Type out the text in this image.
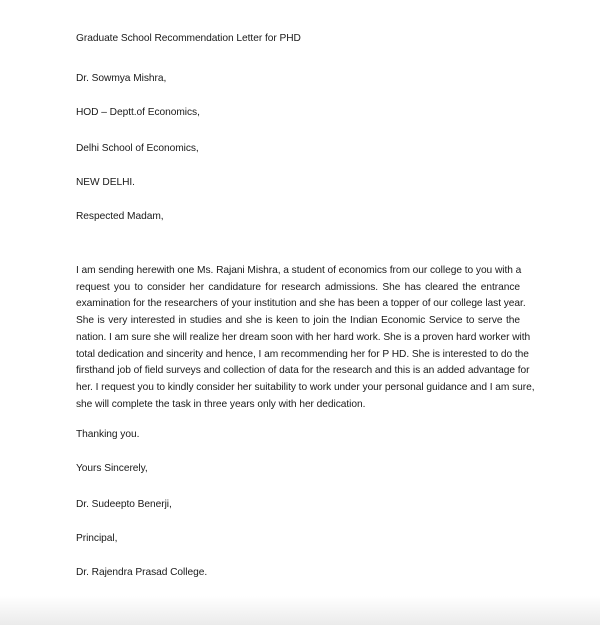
Graduate School Recommendation Letter for PHD
Dr. Sowmya Mishra,
HOD – Deptt.of Economics,
Delhi School of Economics,
NEW DELHI.
Respected Madam,
I am sending herewith one Ms. Rajani Mishra, a student of economics from our college to you with a
request you to consider her candidature for research admissions. She has cleared the entrance
examination for the researchers of your institution and she has been a topper of our college last year.
She is very interested in studies and she is keen to join the Indian Economic Service to serve the
nation. I am sure she will realize her dream soon with her hard work. She is a proven hard worker with
total dedication and sincerity and hence, I am recommending her for P HD. She is interested to do the
firsthand job of field surveys and collection of data for the research and this is an added advantage for
her. I request you to kindly consider her suitability to work under your personal guidance and I am sure,
she will complete the task in three years only with her dedication.
Thanking you.
Yours Sincerely,
Dr. Sudeepto Benerji,
Principal,
Dr. Rajendra Prasad College.
